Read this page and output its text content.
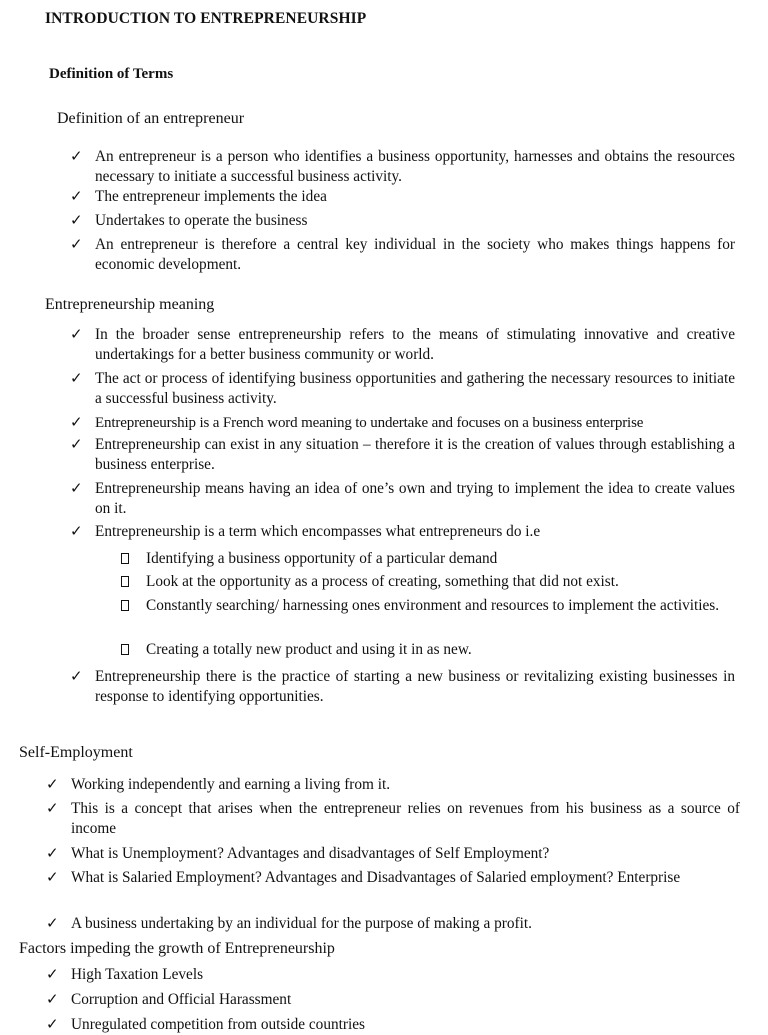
INTRODUCTION TO ENTREPRENEURSHIP
Definition of Terms
Definition of an entrepreneur
✓ An entrepreneur is a person who identifies a business opportunity, harnesses and obtains the resources necessary to initiate a successful business activity.
✓ The entrepreneur implements the idea
✓ Undertakes to operate the business
✓ An entrepreneur is therefore a central key individual in the society who makes things happens for economic development.
Entrepreneurship meaning
✓ In the broader sense entrepreneurship refers to the means of stimulating innovative and creative undertakings for a better business community or world.
✓ The act or process of identifying business opportunities and gathering the necessary resources to initiate a successful business activity.
✓ Entrepreneurship is a French word meaning to undertake and focuses on a business enterprise
✓ Entrepreneurship can exist in any situation – therefore it is the creation of values through establishing a business enterprise.
✓ Entrepreneurship means having an idea of one’s own and trying to implement the idea to create values on it.
✓ Entrepreneurship is a term which encompasses what entrepreneurs do i.e
Identifying a business opportunity of a particular demand
Look at the opportunity as a process of creating, something that did not exist.
Constantly searching/ harnessing ones environment and resources to implement the activities.
Creating a totally new product and using it in as new.
✓ Entrepreneurship there is the practice of starting a new business or revitalizing existing businesses in response to identifying opportunities.
Self-Employment
✓ Working independently and earning a living from it.
✓ This is a concept that arises when the entrepreneur relies on revenues from his business as a source of income
✓ What is Unemployment? Advantages and disadvantages of Self Employment?
✓ What is Salaried Employment? Advantages and Disadvantages of Salaried employment? Enterprise
✓ A business undertaking by an individual for the purpose of making a profit.
Factors impeding the growth of Entrepreneurship
✓ High Taxation Levels
✓ Corruption and Official Harassment
✓ Unregulated competition from outside countries
